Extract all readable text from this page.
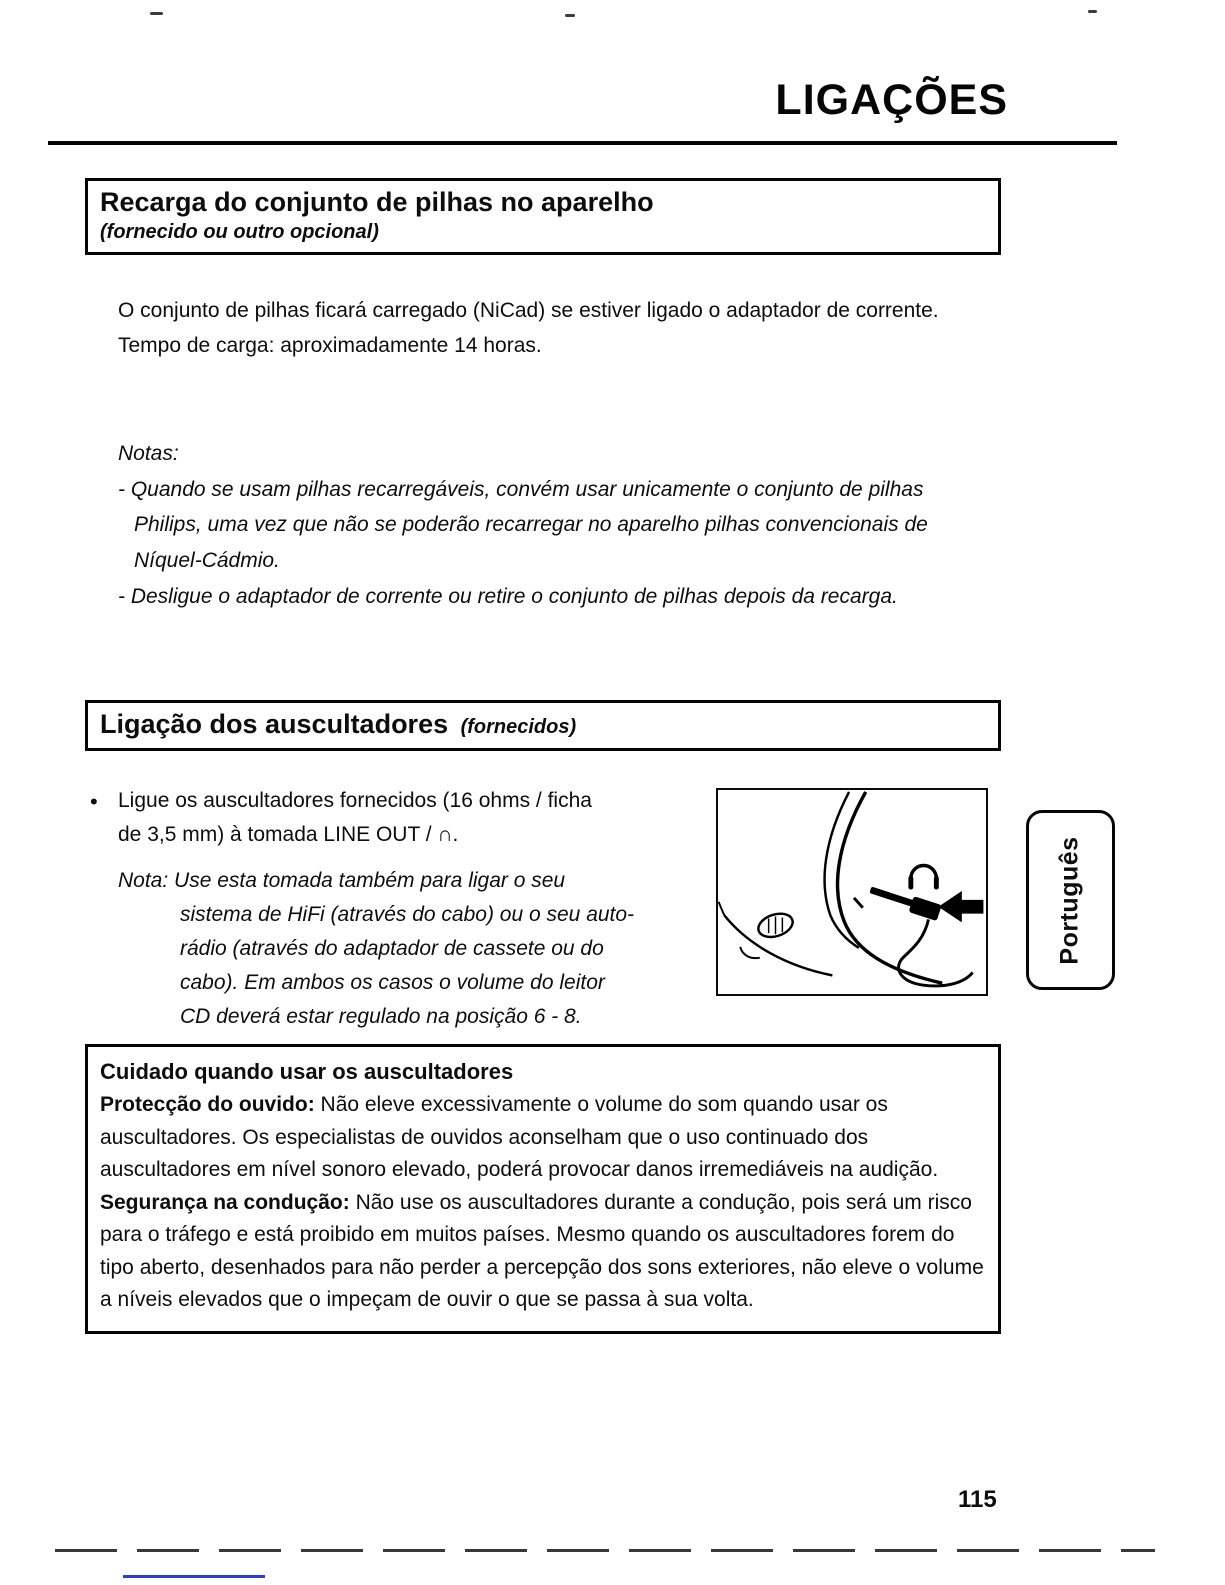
LIGAÇÕES
Recarga do conjunto de pilhas no aparelho
(fornecido ou outro opcional)

O conjunto de pilhas ficará carregado (NiCad) se estiver ligado o adaptador de corrente.

Tempo de carga: aproximadamente 14 horas.

Notas:

- Quando se usam pilhas recarregáveis, convém usar unicamente o conjunto de pilhas Philips, uma vez que não se poderão recarregar no aparelho pilhas convencionais de Níquel-Cádmio.

- Desligue o adaptador de corrente ou retire o conjunto de pilhas depois da recarga.

Ligação dos auscultadores (fornecidos)
• Ligue os auscultadores fornecidos (16 ohms / ficha de 3,5 mm) à tomada LINE OUT / ∩.

Nota: Use esta tomada também para ligar o seu sistema de HiFi (através do cabo) ou o seu auto-rádio (através do adaptador de cassete ou do cabo). Em ambos os casos o volume do leitor CD deverá estar regulado na posição 6 - 8.
Português

Cuidado quando usar os auscultadores

Protecção do ouvido: Não eleve excessivamente o volume do som quando usar os auscultadores. Os especialistas de ouvidos aconselham que o uso continuado dos auscultadores em nível sonoro elevado, poderá provocar danos irremediáveis na audição.

Segurança na condução: Não use os auscultadores durante a condução, pois será um risco para o tráfego e está proibido em muitos países. Mesmo quando os auscultadores forem do tipo aberto, desenhados para não perder a percepção dos sons exteriores, não eleve o volume a níveis elevados que o impeçam de ouvir o que se passa à sua volta.

115
